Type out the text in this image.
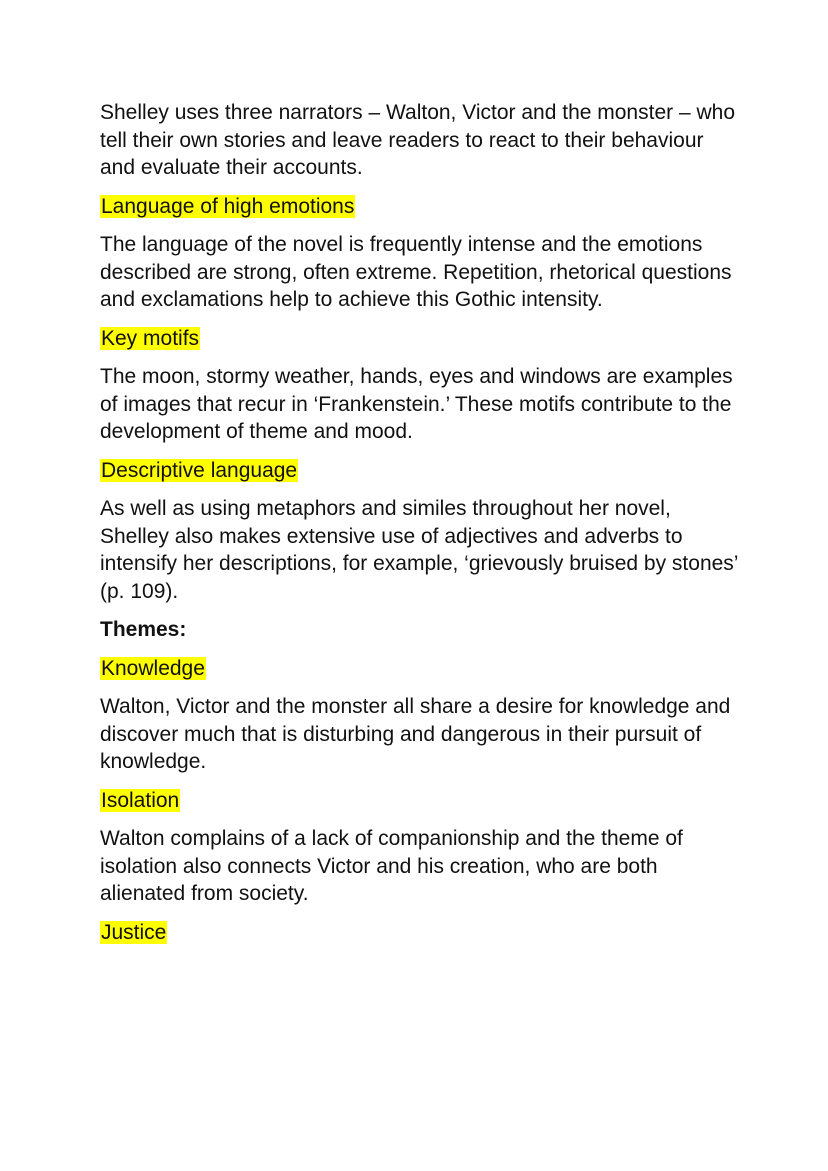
Shelley uses three narrators – Walton, Victor and the monster – who tell their own stories and leave readers to react to their behaviour and evaluate their accounts.

Language of high emotions

The language of the novel is frequently intense and the emotions described are strong, often extreme. Repetition, rhetorical questions and exclamations help to achieve this Gothic intensity.

Key motifs

The moon, stormy weather, hands, eyes and windows are examples of images that recur in ‘Frankenstein.’ These motifs contribute to the development of theme and mood.

Descriptive language

As well as using metaphors and similes throughout her novel, Shelley also makes extensive use of adjectives and adverbs to intensify her descriptions, for example, ‘grievously bruised by stones’ (p. 109).

Themes:
Knowledge

Walton, Victor and the monster all share a desire for knowledge and discover much that is disturbing and dangerous in their pursuit of knowledge.

Isolation

Walton complains of a lack of companionship and the theme of isolation also connects Victor and his creation, who are both alienated from society.

Justice
